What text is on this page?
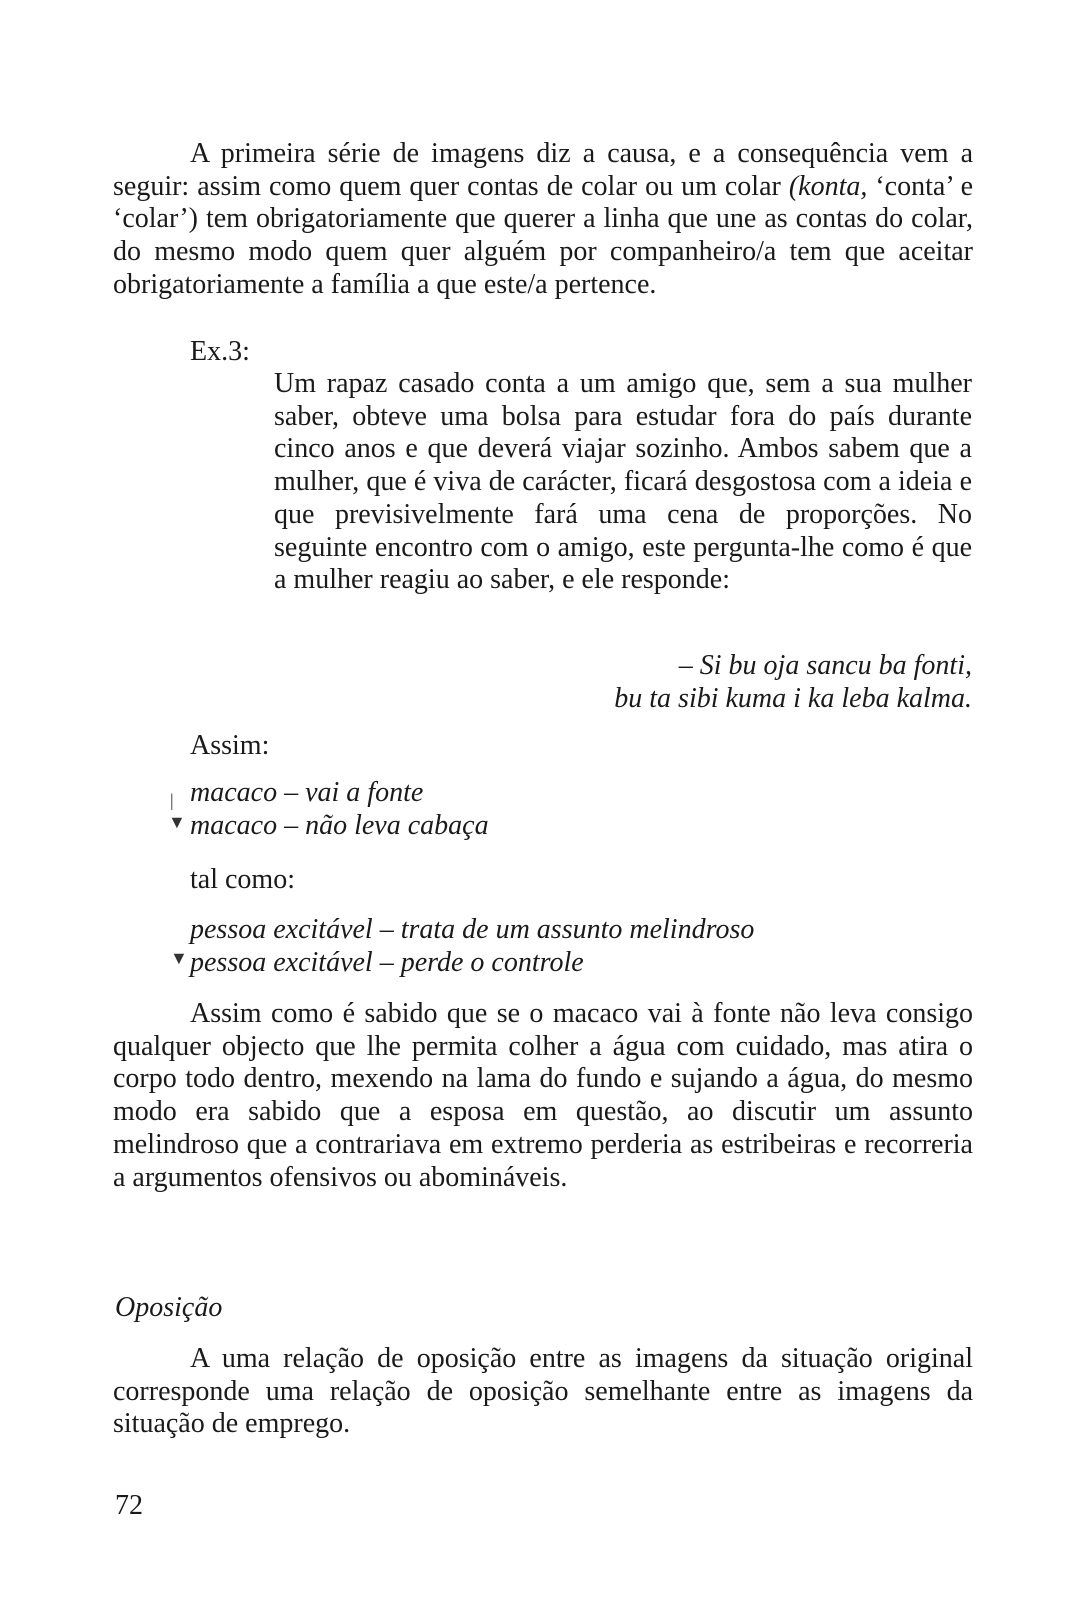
A primeira série de imagens diz a causa, e a consequência vem a seguir: assim como quem quer contas de colar ou um colar (konta, ‘conta’ e ‘colar’) tem obrigatoriamente que querer a linha que une as contas do colar, do mesmo modo quem quer alguém por companheiro/a tem que aceitar obrigatoriamente a família a que este/a pertence.

Ex.3:

Um rapaz casado conta a um amigo que, sem a sua mulher saber, obteve uma bolsa para estudar fora do país durante cinco anos e que deverá viajar sozinho. Ambos sabem que a mulher, que é viva de carácter, ficará desgostosa com a ideia e que previsivelmente fará uma cena de proporções. No seguinte encontro com o amigo, este pergunta-lhe como é que a mulher reagiu ao saber, e ele responde:

– Si bu oja sancu ba fonti,
bu ta sibi kuma i ka leba kalma.
Assim:
|
▼
macaco – vai a fonte
macaco – não leva cabaça
tal como:
▼
pessoa excitável – trata de um assunto melindroso
pessoa excitável – perde o controle

Assim como é sabido que se o macaco vai à fonte não leva consigo qualquer objecto que lhe permita colher a água com cuidado, mas atira o corpo todo dentro, mexendo na lama do fundo e sujando a água, do mesmo modo era sabido que a esposa em questão, ao discutir um assunto melindroso que a contrariava em extremo perderia as estribeiras e recorreria a argumentos ofensivos ou abomináveis.

Oposição

A uma relação de oposição entre as imagens da situação original corresponde uma relação de oposição semelhante entre as imagens da situação de emprego.

72
